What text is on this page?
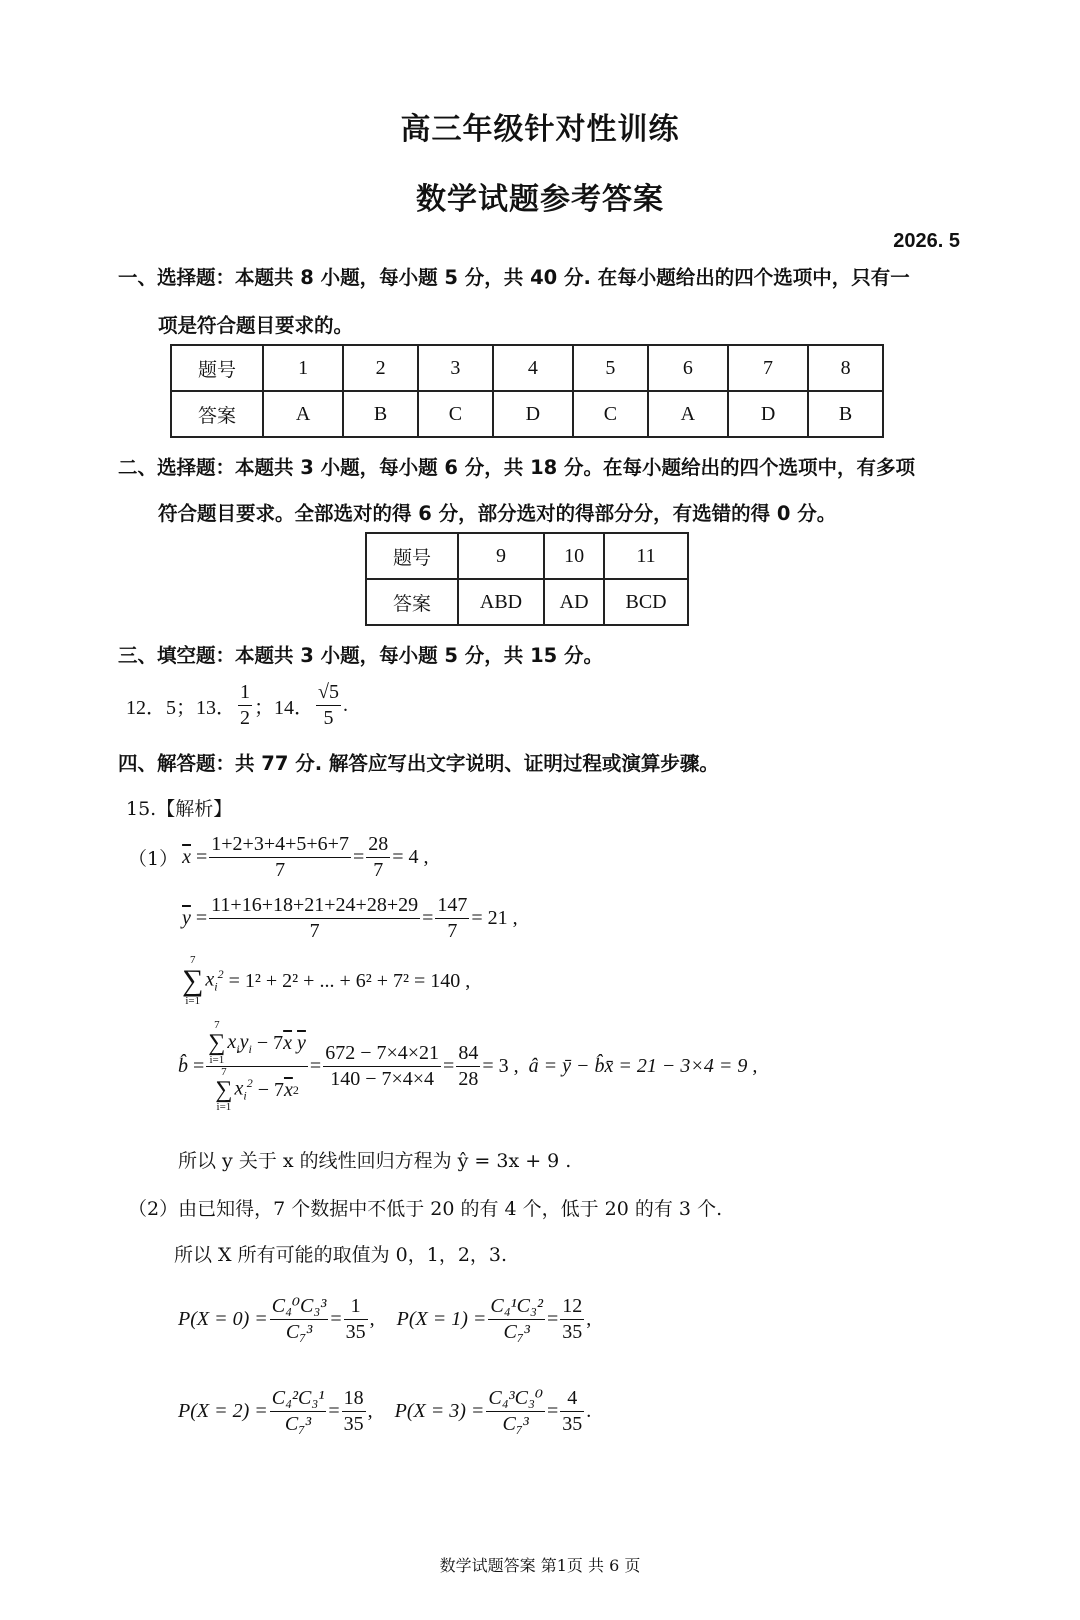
高三年级针对性训练
数学试题参考答案
2026. 5
一、选择题：本题共 8 小题，每小题 5 分，共 40 分. 在每小题给出的四个选项中，只有一
项是符合题目要求的。
题号	1	2	3	4	5	6	7	8
答案	A	B	C	D	C	A	D	B
二、选择题：本题共 3 小题，每小题 6 分，共 18 分。在每小题给出的四个选项中，有多项
符合题目要求。全部选对的得 6 分，部分选对的得部分分，有选错的得 0 分。
题号	9	10	11
答案	ABD	AD	BCD
三、填空题：本题共 3 小题，每小题 5 分，共 15 分。
12．5；13． $\frac{1}{2}$ ；14． $\frac{√5}{5}$ .
四、解答题：共 77 分. 解答应写出文字说明、证明过程或演算步骤。
15.【解析】
（1） $\overline{x} = \frac{1+2+3+4+5+6+7}{7} = \frac{28}{7} = 4$ ,
$\overline{y} = \frac{11+16+18+21+24+28+29}{7} = \frac{147}{7} = 21$ ,
7
∑
i=1
$x_i^2$
= 1² + 2² + ... + 6² + 7² = 140 ,
b̂ = 7
∑
i=1
$x_iy_i - 7$ $\overline{x}$
$\overline{y}$
7
∑
i=1
$x_i^2 - 7$ $\overline{x}$ $2 = \frac{672 - 7\times 4\times 21}{140 - 7\times 4\times 4} = \frac{84}{28} = 3$ ,
â = ȳ − b̂x̄ = 21 − 3×4 = 9 ,
所以 y 关于 x 的线性回归方程为 ŷ = 3x + 9 .
（2）由已知得，7 个数据中不低于 20 的有 4 个，低于 20 的有 3 个.
所以 X 所有可能的取值为 0，1，2，3.
$P(X = 0) = \frac{\text{C₄⁰C₃³}}{\text{C₇³}} = \frac{1}{35}$ , $P(X = 1) = \frac{\text{C₄¹C₃²}}{\text{C₇³}} = \frac{12}{35}$ ,
$P(X = 2) = \frac{\text{C₄²C₃¹}}{\text{C₇³}} = \frac{18}{35}$ , $P(X = 3) = \frac{\text{C₄³C₃⁰}}{\text{C₇³}} = \frac{4}{35}$ .
数学试题答案 第1页 共 6 页
